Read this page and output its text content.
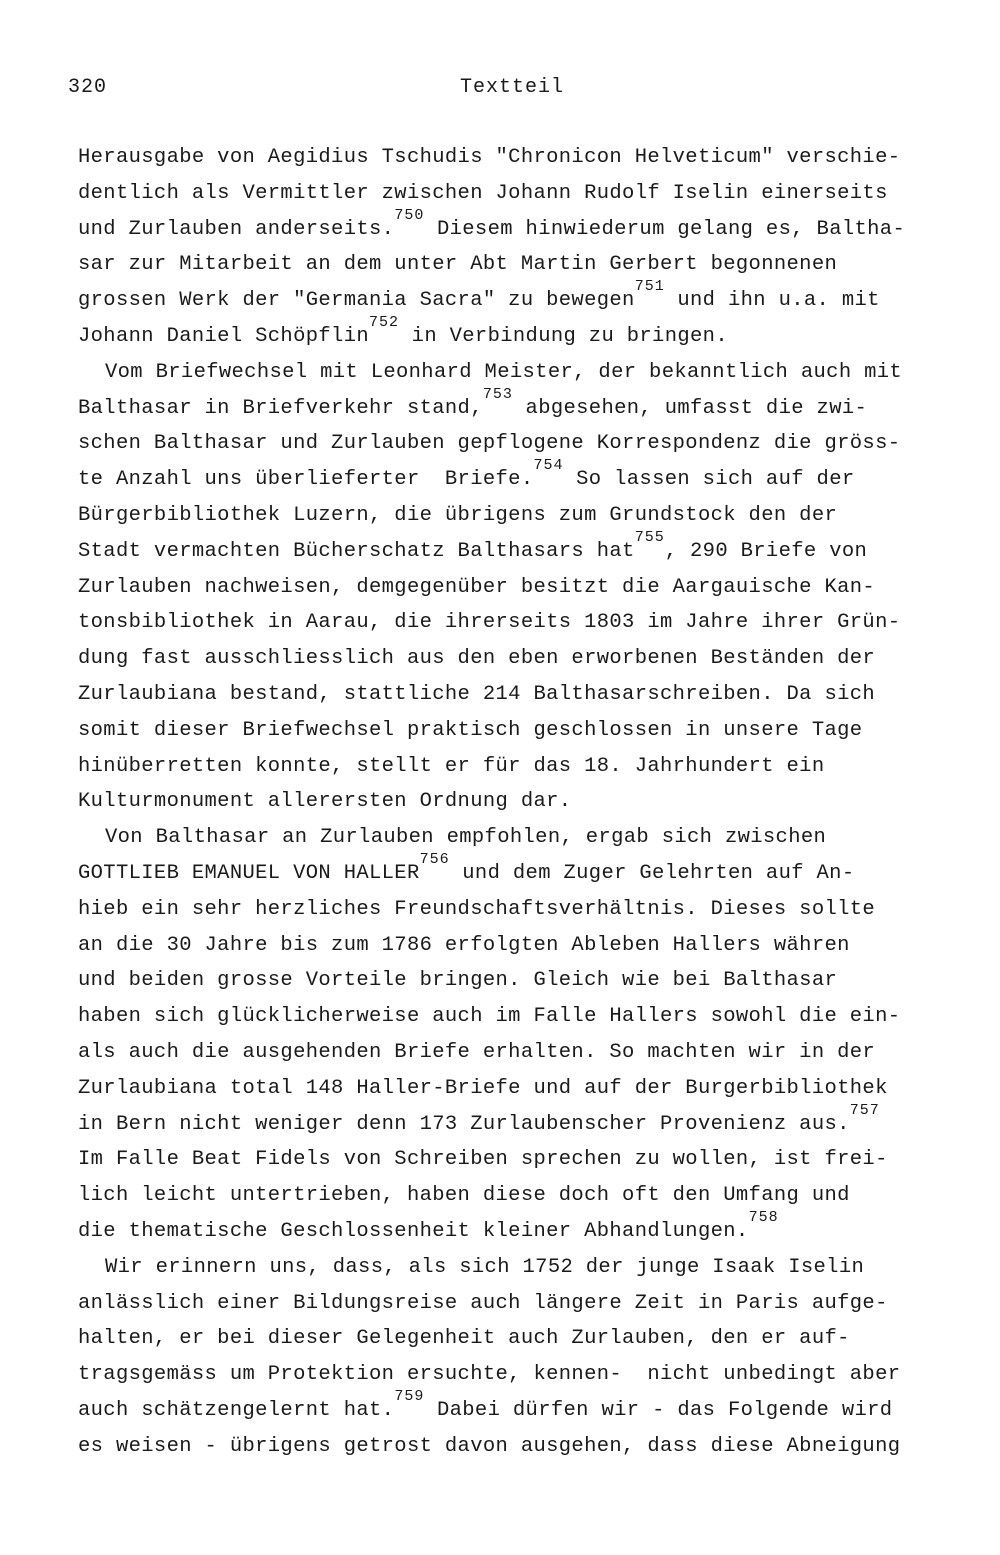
320	Textteil
Herausgabe von Aegidius Tschudis "Chronicon Helveticum" verschie-
dentlich als Vermittler zwischen Johann Rudolf Iselin einerseits
und Zurlauben anderseits.$^{750}$ Diesem hinwiederum gelang es, Baltha-
sar zur Mitarbeit an dem unter Abt Martin Gerbert begonnenen
grossen Werk der "Germania Sacra" zu bewegen$^{751}$ und ihn u.a. mit
Johann Daniel Schöpflin$^{752}$ in Verbindung zu bringen.
Vom Briefwechsel mit Leonhard Meister, der bekanntlich auch mit
Balthasar in Briefverkehr stand,$^{753}$ abgesehen, umfasst die zwi-
schen Balthasar und Zurlauben gepflogene Korrespondenz die gröss-
te Anzahl uns überlieferter  Briefe.$^{754}$ So lassen sich auf der
Bürgerbibliothek Luzern, die übrigens zum Grundstock den der
Stadt vermachten Bücherschatz Balthasars hat$^{755}$, 290 Briefe von
Zurlauben nachweisen, demgegenüber besitzt die Aargauische Kan-
tonsbibliothek in Aarau, die ihrerseits 1803 im Jahre ihrer Grün-
dung fast ausschliesslich aus den eben erworbenen Beständen der
Zurlaubiana bestand, stattliche 214 Balthasarschreiben. Da sich
somit dieser Briefwechsel praktisch geschlossen in unsere Tage
hinüberretten konnte, stellt er für das 18. Jahrhundert ein
Kulturmonument allerersten Ordnung dar.
Von Balthasar an Zurlauben empfohlen, ergab sich zwischen
GOTTLIEB EMANUEL VON HALLER$^{756}$ und dem Zuger Gelehrten auf An-
hieb ein sehr herzliches Freundschaftsverhältnis. Dieses sollte
an die 30 Jahre bis zum 1786 erfolgten Ableben Hallers währen
und beiden grosse Vorteile bringen. Gleich wie bei Balthasar
haben sich glücklicherweise auch im Falle Hallers sowohl die ein-
als auch die ausgehenden Briefe erhalten. So machten wir in der
Zurlaubiana total 148 Haller-Briefe und auf der Burgerbibliothek
in Bern nicht weniger denn 173 Zurlaubenscher Provenienz aus.$^{757}$
Im Falle Beat Fidels von Schreiben sprechen zu wollen, ist frei-
lich leicht untertrieben, haben diese doch oft den Umfang und
die thematische Geschlossenheit kleiner Abhandlungen.$^{758}$
Wir erinnern uns, dass, als sich 1752 der junge Isaak Iselin
anlässlich einer Bildungsreise auch längere Zeit in Paris aufge-
halten, er bei dieser Gelegenheit auch Zurlauben, den er auf-
tragsgemäss um Protektion ersuchte, kennen-  nicht unbedingt aber
auch schätzengelernt hat.$^{759}$ Dabei dürfen wir - das Folgende wird
es weisen - übrigens getrost davon ausgehen, dass diese Abneigung
